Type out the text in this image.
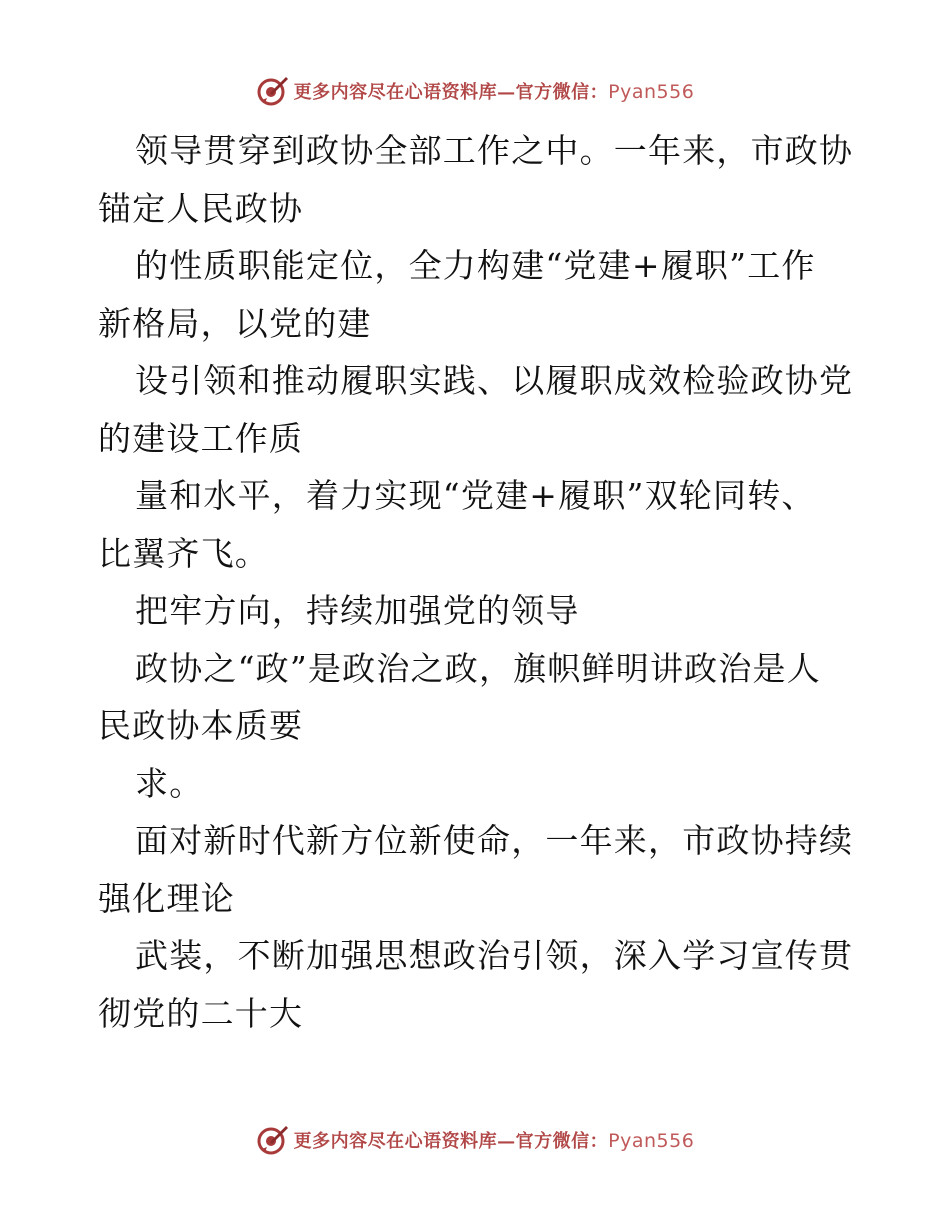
更多内容尽在心语资料库—官方微信：Pyan556
领导贯穿到政协全部工作之中。一年来，市政协
锚定人民政协
的性质职能定位，全力构建“党建+履职”工作
新格局，以党的建
设引领和推动履职实践、以履职成效检验政协党
的建设工作质
量和水平，着力实现“党建+履职”双轮同转、
比翼齐飞。
把牢方向，持续加强党的领导
政协之“政”是政治之政，旗帜鲜明讲政治是人
民政协本质要
求。
面对新时代新方位新使命，一年来，市政协持续
强化理论
武装，不断加强思想政治引领，深入学习宣传贯
彻党的二十大
更多内容尽在心语资料库—官方微信：Pyan556
